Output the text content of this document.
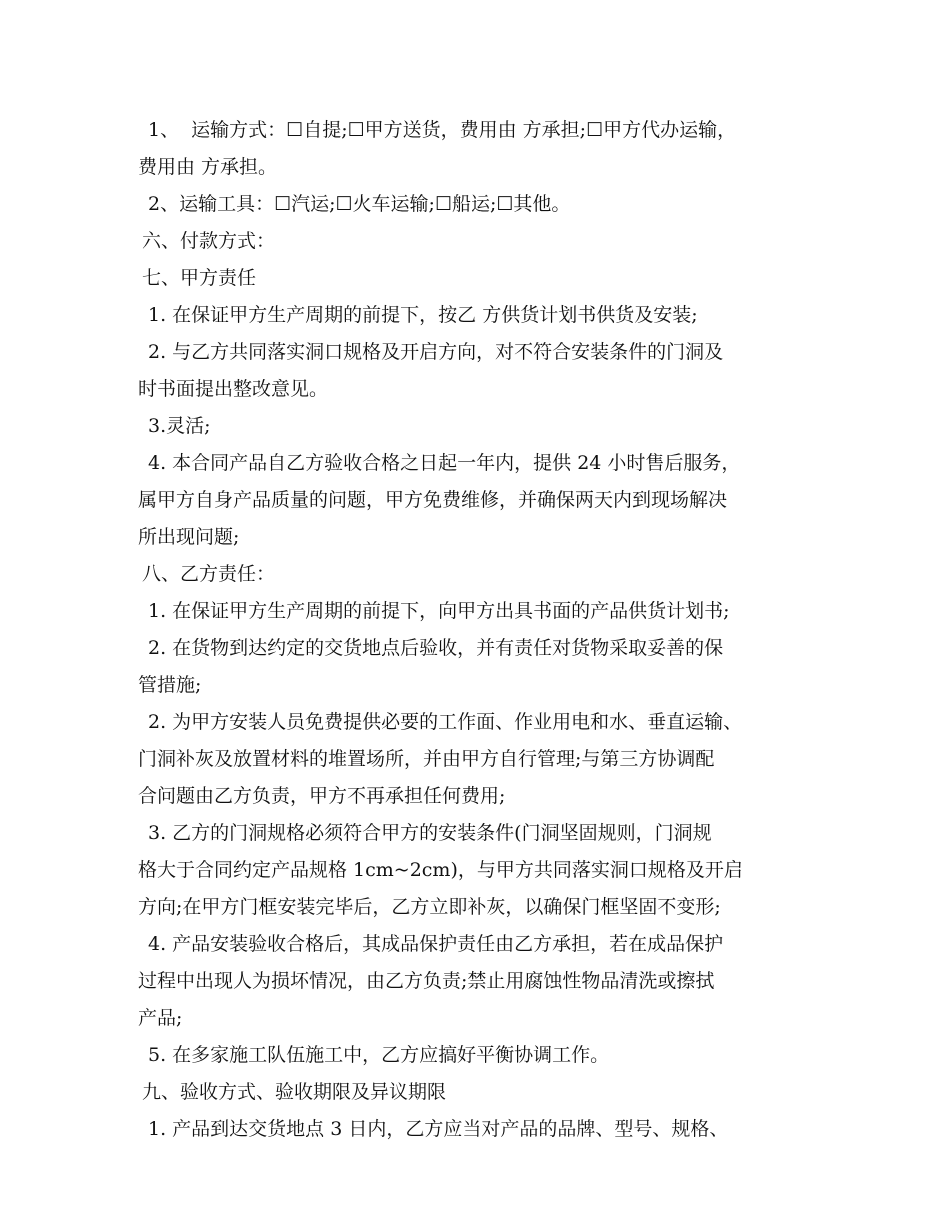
1、  运输方式：☐自提;☐甲方送货，费用由 方承担;☐甲方代办运输，

费用由 方承担。

2、运输工具：☐汽运;☐火车运输;☐船运;☐其他。

六、付款方式：

七、甲方责任

1. 在保证甲方生产周期的前提下，按乙 方供货计划书供货及安装;

2. 与乙方共同落实洞口规格及开启方向，对不符合安装条件的门洞及

时书面提出整改意见。

3.灵活;

4. 本合同产品自乙方验收合格之日起一年内，提供 24 小时售后服务，

属甲方自身产品质量的问题，甲方免费维修，并确保两天内到现场解决

所出现问题;

八、乙方责任：

1. 在保证甲方生产周期的前提下，向甲方出具书面的产品供货计划书;

2. 在货物到达约定的交货地点后验收，并有责任对货物采取妥善的保

管措施;

2. 为甲方安装人员免费提供必要的工作面、作业用电和水、垂直运输、

门洞补灰及放置材料的堆置场所，并由甲方自行管理;与第三方协调配

合问题由乙方负责，甲方不再承担任何费用;

3. 乙方的门洞规格必须符合甲方的安装条件(门洞坚固规则，门洞规

格大于合同约定产品规格 1cm~2cm)，与甲方共同落实洞口规格及开启

方向;在甲方门框安装完毕后，乙方立即补灰，以确保门框坚固不变形;

4. 产品安装验收合格后，其成品保护责任由乙方承担，若在成品保护

过程中出现人为损坏情况，由乙方负责;禁止用腐蚀性物品清洗或擦拭

产品;

5. 在多家施工队伍施工中，乙方应搞好平衡协调工作。

九、验收方式、验收期限及异议期限

1. 产品到达交货地点 3 日内，乙方应当对产品的品牌、型号、规格、
